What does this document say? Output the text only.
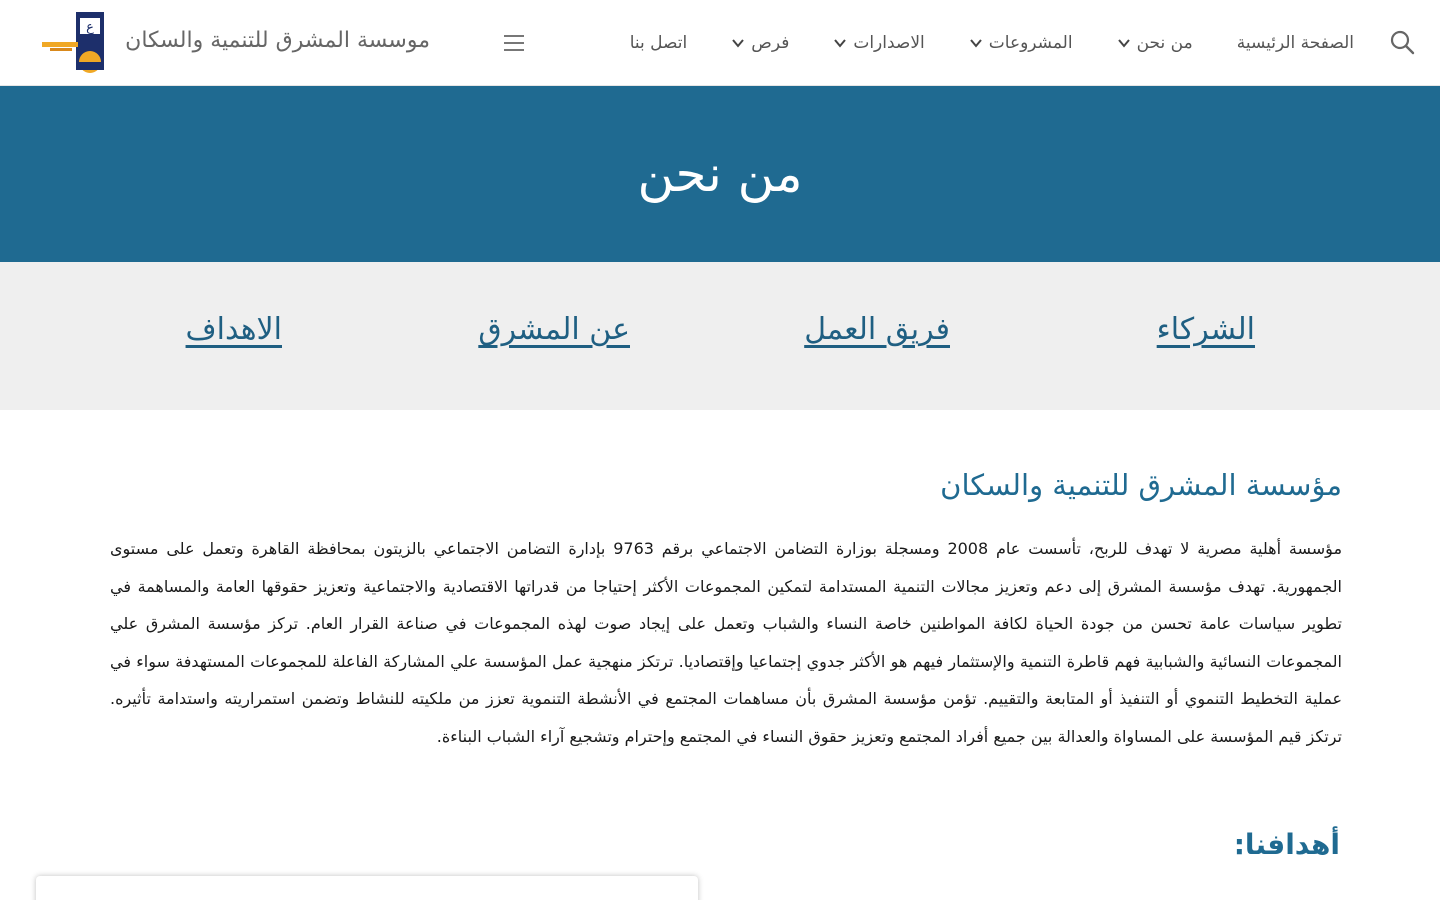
الصفحة الرئيسية
من نحن
المشروعات
الاصدارات
فرص
اتصل بنا
موسسة المشرق للتنمية والسكان
ع
من نحن
الشركاء
فريق العمل
عن المشرق
الاهداف
مؤسسة المشرق للتنمية والسكان

مؤسسة أهلية مصرية لا تهدف للربح، تأسست عام 2008 ومسجلة بوزارة التضامن الاجتماعي برقم 9763 بإدارة التضامن الاجتماعي بالزيتون بمحافظة القاهرة وتعمل على مستوى الجمهورية. تهدف مؤسسة المشرق إلى دعم وتعزيز مجالات التنمية المستدامة لتمكين المجموعات الأكثر إحتياجا من قدراتها الاقتصادية والاجتماعية وتعزيز حقوقها العامة والمساهمة في تطوير سياسات عامة تحسن من جودة الحياة لكافة المواطنين خاصة النساء والشباب وتعمل على إيجاد صوت لهذه المجموعات في صناعة القرار العام. تركز مؤسسة المشرق علي المجموعات النسائية والشبابية فهم قاطرة التنمية والإستثمار فيهم هو الأكثر جدوي إجتماعيا وإقتصاديا. ترتكز منهجية عمل المؤسسة علي المشاركة الفاعلة للمجموعات المستهدفة سواء في عملية التخطيط التنموي أو التنفيذ أو المتابعة والتقييم. تؤمن مؤسسة المشرق بأن مساهمات المجتمع في الأنشطة التنموية تعزز من ملكيته للنشاط وتضمن استمراريته واستدامة تأثيره. ترتكز قيم المؤسسة على المساواة والعدالة بين جميع أفراد المجتمع وتعزيز حقوق النساء في المجتمع وإحترام وتشجيع آراء الشباب البناءة.

أهدافنا:
